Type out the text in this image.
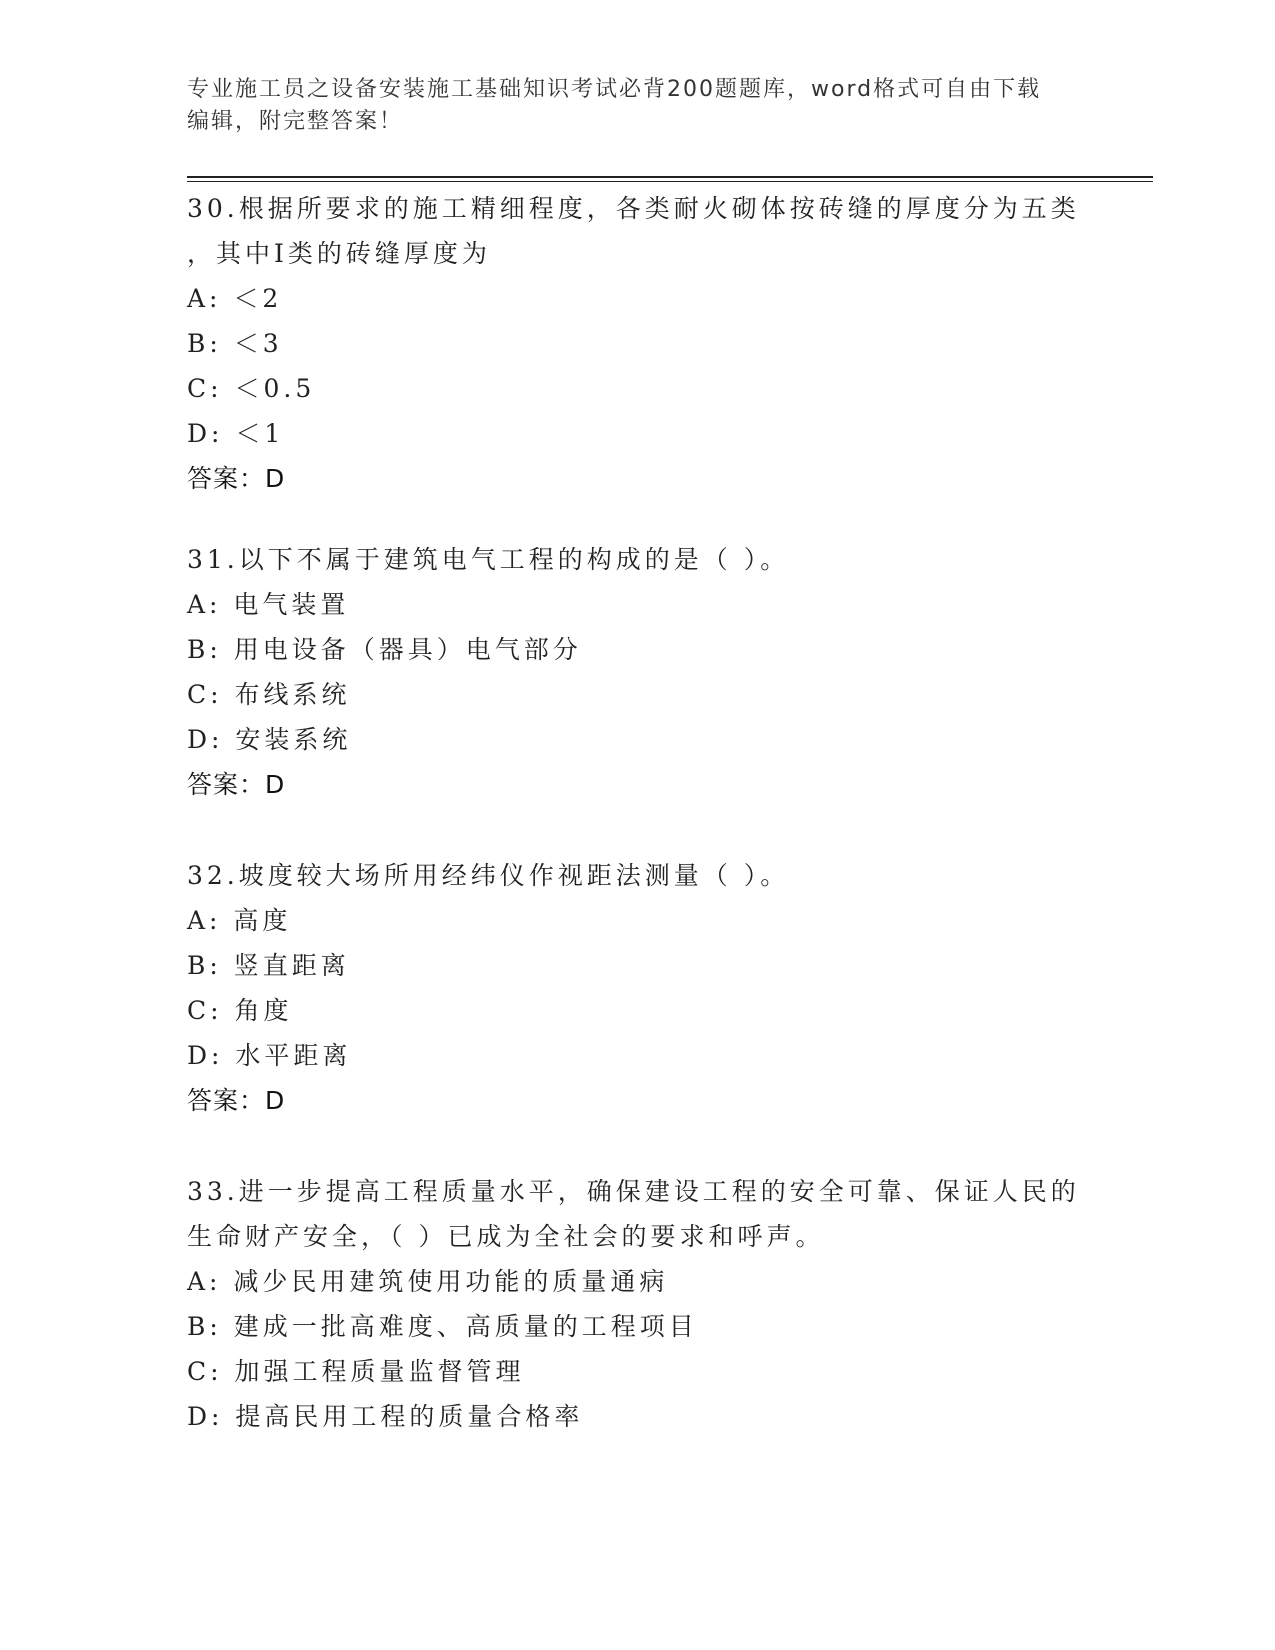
专业施工员之设备安装施工基础知识考试必背200题题库，word格式可自由下载
编辑，附完整答案！
30.根据所要求的施工精细程度，各类耐火砌体按砖缝的厚度分为五类
，其中Ⅰ类的砖缝厚度为
A: ＜2
B: ＜3
C: ＜0.5
D: ＜1
答案：D
31.以下不属于建筑电气工程的构成的是（ ）。
A: 电气装置
B: 用电设备（器具）电气部分
C: 布线系统
D: 安装系统
答案：D
32.坡度较大场所用经纬仪作视距法测量（ ）。
A: 高度
B: 竖直距离
C: 角度
D: 水平距离
答案：D
33.进一步提高工程质量水平，确保建设工程的安全可靠、保证人民的
生命财产安全，（ ）已成为全社会的要求和呼声。
A: 减少民用建筑使用功能的质量通病
B: 建成一批高难度、高质量的工程项目
C: 加强工程质量监督管理
D: 提高民用工程的质量合格率
